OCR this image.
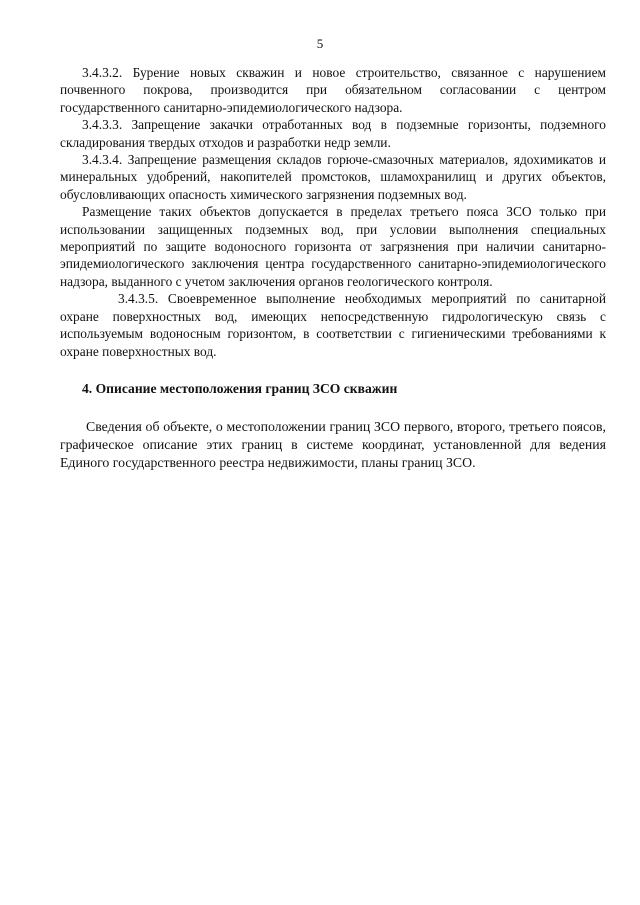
5

3.4.3.2. Бурение новых скважин и новое строительство, связанное с нарушением почвенного покрова, производится при обязательном согласовании с центром государственного санитарно-эпидемиологического надзора.

3.4.3.3. Запрещение закачки отработанных вод в подземные горизонты, подземного складирования твердых отходов и разработки недр земли.

3.4.3.4. Запрещение размещения складов горюче-смазочных материалов, ядохимикатов и минеральных удобрений, накопителей промстоков, шламохранилищ и других объектов, обусловливающих опасность химического загрязнения подземных вод.

Размещение таких объектов допускается в пределах третьего пояса ЗСО только при использовании защищенных подземных вод, при условии выполнения специальных мероприятий по защите водоносного горизонта от загрязнения при наличии санитарно-эпидемиологического заключения центра государственного санитарно-эпидемиологического надзора, выданного с учетом заключения органов геологического контроля.

3.4.3.5. Своевременное выполнение необходимых мероприятий по санитарной охране поверхностных вод, имеющих непосредственную гидрологическую связь с используемым водоносным горизонтом, в соответствии с гигиеническими требованиями к охране поверхностных вод.

4. Описание местоположения границ ЗСО скважин

Сведения об объекте, о местоположении границ ЗСО первого, второго, третьего поясов, графическое описание этих границ в системе координат, установленной для ведения Единого государственного реестра недвижимости, планы границ ЗСО.
